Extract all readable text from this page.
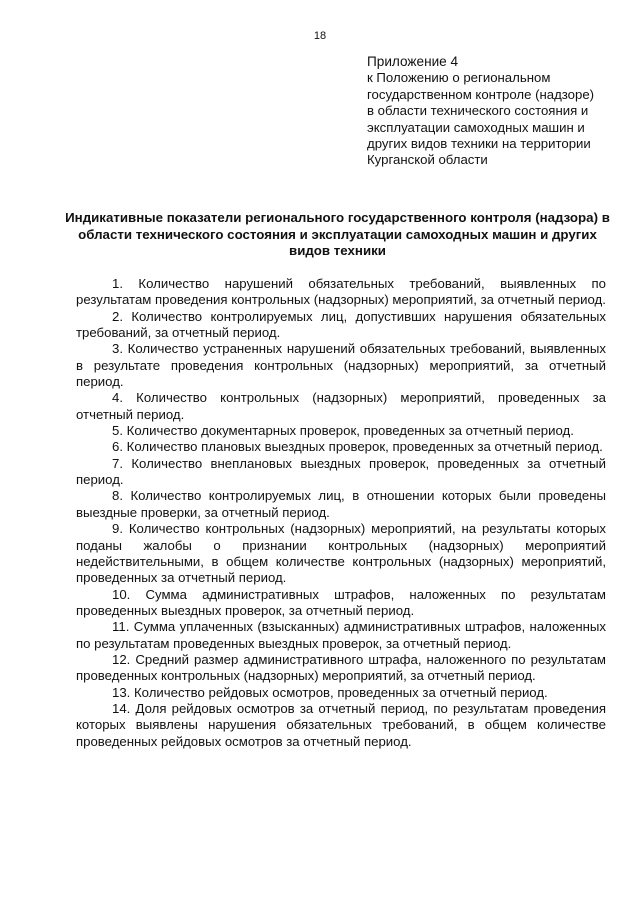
18
Приложение 4
к Положению о региональном
государственном контроле (надзоре)
в области технического состояния и
эксплуатации самоходных машин и
других видов техники на территории
Курганской области
Индикативные показатели регионального государственного контроля (надзора) в области технического состояния и эксплуатации самоходных машин и других видов техники

1. Количество нарушений обязательных требований, выявленных по результатам проведения контрольных (надзорных) мероприятий, за отчетный период.

2. Количество контролируемых лиц, допустивших нарушения обязательных требований, за отчетный период.

3. Количество устраненных нарушений обязательных требований, выявленных в результате проведения контрольных (надзорных) мероприятий, за отчетный период.

4. Количество контрольных (надзорных) мероприятий, проведенных за отчетный период.

5. Количество документарных проверок, проведенных за отчетный период.

6. Количество плановых выездных проверок, проведенных за отчетный период.

7. Количество внеплановых выездных проверок, проведенных за отчетный период.

8. Количество контролируемых лиц, в отношении которых были проведены выездные проверки, за отчетный период.

9. Количество контрольных (надзорных) мероприятий, на результаты которых поданы жалобы о признании контрольных (надзорных) мероприятий недействительными, в общем количестве контрольных (надзорных) мероприятий, проведенных за отчетный период.

10. Сумма административных штрафов, наложенных по результатам проведенных выездных проверок, за отчетный период.

11. Сумма уплаченных (взысканных) административных штрафов, наложенных по результатам проведенных выездных проверок, за отчетный период.

12. Средний размер административного штрафа, наложенного по результатам проведенных контрольных (надзорных) мероприятий, за отчетный период.

13. Количество рейдовых осмотров, проведенных за отчетный период.

14. Доля рейдовых осмотров за отчетный период, по результатам проведения которых выявлены нарушения обязательных требований, в общем количестве проведенных рейдовых осмотров за отчетный период.
